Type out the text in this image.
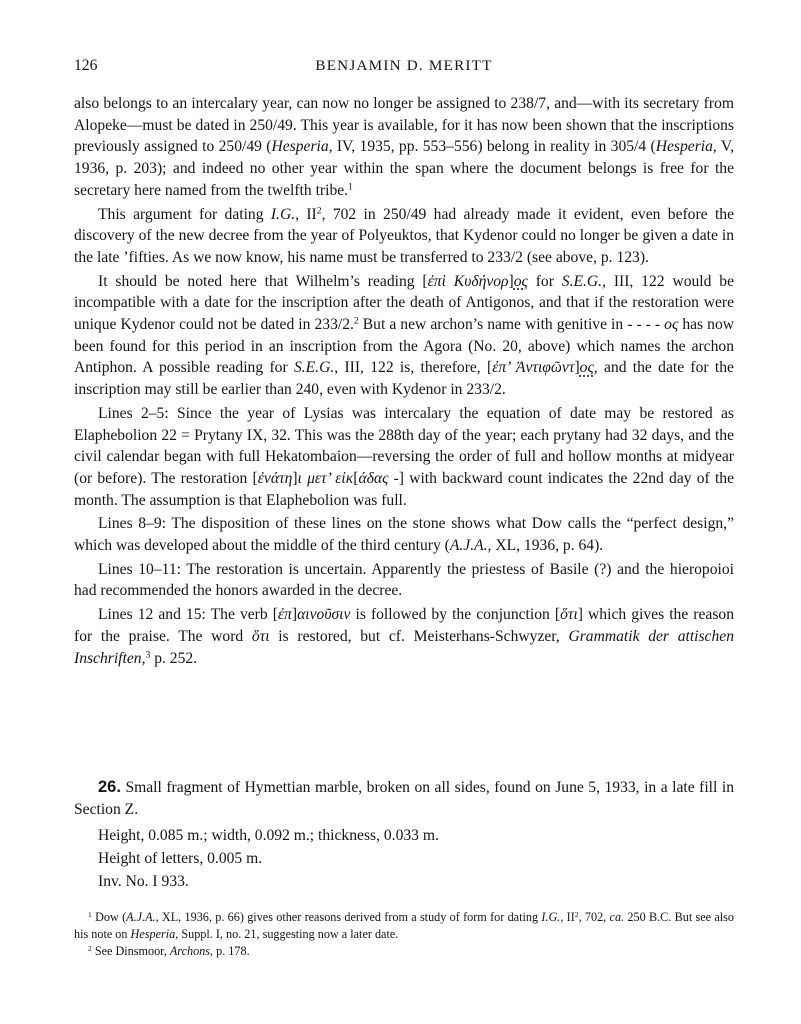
126	BENJAMIN D. MERITT

also belongs to an intercalary year, can now no longer be assigned to 238/7, and—with its secretary from Alopeke—must be dated in 250/49. This year is available, for it has now been shown that the inscriptions previously assigned to 250/49 (Hesperia, IV, 1935, pp. 553–556) belong in reality in 305/4 (Hesperia, V, 1936, p. 203); and indeed no other year within the span where the document belongs is free for the secretary here named from the twelfth tribe.$^1$

This argument for dating I.G., $II^2$, 702 in 250/49 had already made it evident, even before the discovery of the new decree from the year of Polyeuktos, that Kydenor could no longer be given a date in the late ’fifties. As we now know, his name must be transferred to 233/2 (see above, p. 123).

It should be noted here that Wilhelm’s reading [ἐπὶ Κυδήνορ]ος for S.E.G., III, 122 would be incompatible with a date for the inscription after the death of Antigonos, and that if the restoration were unique Kydenor could not be dated in 233/2.$^2$ But a new archon’s name with genitive in - - - - ος has now been found for this period in an inscription from the Agora (No. 20, above) which names the archon Antiphon. A possible reading for S.E.G., III, 122 is, therefore, [ἐπ’ Ἀντιφῶντ]ος, and the date for the inscription may still be earlier than 240, even with Kydenor in 233/2.

Lines 2–5: Since the year of Lysias was intercalary the equation of date may be restored as Elaphebolion 22 = Prytany IX, 32. This was the 288th day of the year; each prytany had 32 days, and the civil calendar began with full Hekatombaion—reversing the order of full and hollow months at midyear (or before). The restoration [ἐνάτη]ι μετ’ εἰκ[άδας -] with backward count indicates the 22nd day of the month. The assumption is that Elaphebolion was full.

Lines 8–9: The disposition of these lines on the stone shows what Dow calls the “perfect design,” which was developed about the middle of the third century (A.J.A., XL, 1936, p. 64).

Lines 10–11: The restoration is uncertain. Apparently the priestess of Basile (?) and the hieropoioi had recommended the honors awarded in the decree.

Lines 12 and 15: The verb [ἐπ]αινοῦσιν is followed by the conjunction [ὅτι] which gives the reason for the praise. The word ὅτι is restored, but cf. Meisterhans-Schwyzer, Grammatik der attischen Inschriften,$^3$ p. 252.

26. Small fragment of Hymettian marble, broken on all sides, found on June 5, 1933, in a late fill in Section Ζ.

Height, 0.085 m.; width, 0.092 m.; thickness, 0.033 m.

Height of letters, 0.005 m.

Inv. No. I 933.

$^1$ Dow (A.J.A., XL, 1936, p. 66) gives other reasons derived from a study of form for dating I.G., $II^2$, 702, ca. 250 B.C. But see also his note on Hesperia, Suppl. I, no. 21, suggesting now a later date.

$^2$ See Dinsmoor, Archons, p. 178.
